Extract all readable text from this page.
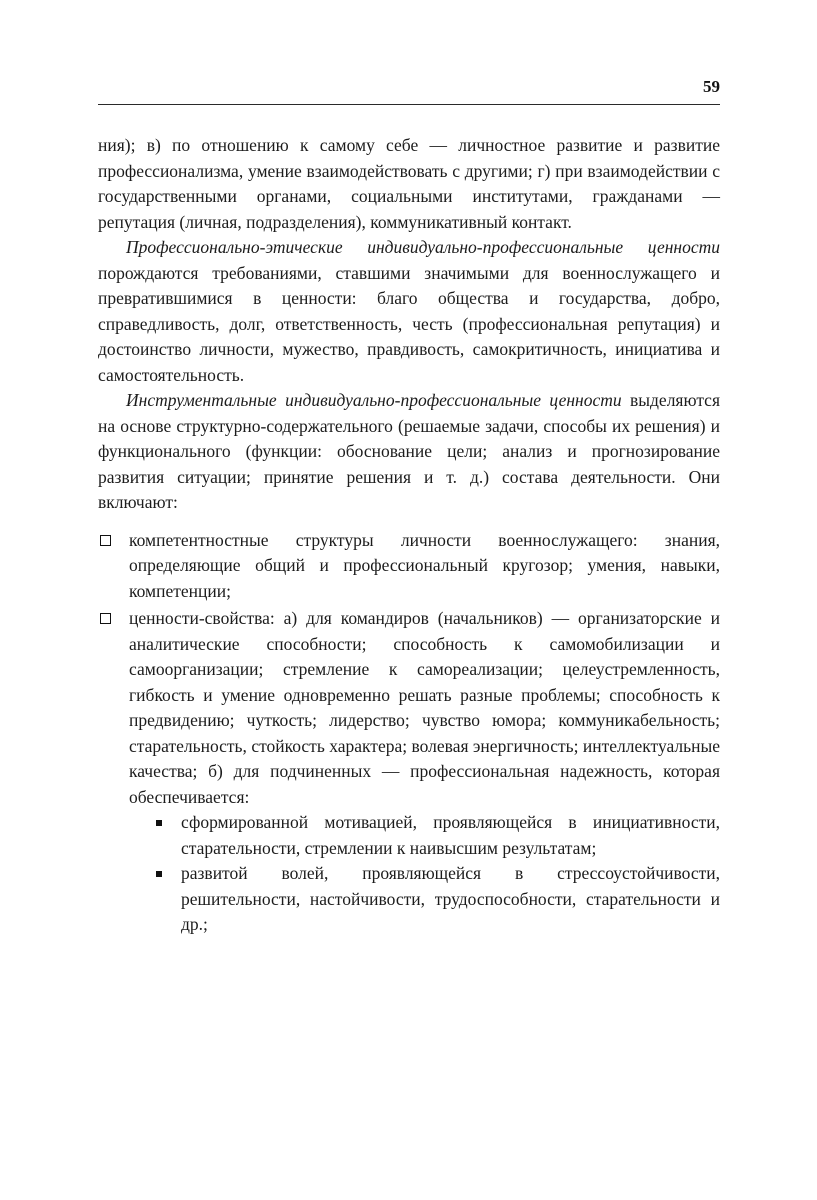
59

ния); в) по отношению к самому себе — личностное развитие и развитие профессионализма, умение взаимодействовать с другими; г) при взаимодействии с государственными органами, социальными институтами, гражданами — репутация (личная, подразделения), коммуникативный контакт.

Профессионально-этические индивидуально-профессиональные ценности порождаются требованиями, ставшими значимыми для военнослужащего и превратившимися в ценности: благо общества и государства, добро, справедливость, долг, ответственность, честь (профессиональная репутация) и достоинство личности, мужество, правдивость, самокритичность, инициатива и самостоятельность.

Инструментальные индивидуально-профессиональные ценности выделяются на основе структурно-содержательного (решаемые задачи, способы их решения) и функционального (функции: обоснование цели; анализ и прогнозирование развития ситуации; принятие решения и т. д.) состава деятельности. Они включают:

компетентностные структуры личности военнослужащего: знания, определяющие общий и профессиональный кругозор; умения, навыки, компетенции;
ценности-свойства: а) для командиров (начальников) — организаторские и аналитические способности; способность к самомобилизации и самоорганизации; стремление к самореализации; целеустремленность, гибкость и умение одновременно решать разные проблемы; способность к предвидению; чуткость; лидерство; чувство юмора; коммуникабельность; старательность, стойкость характера; волевая энергичность; интеллектуальные качества; б) для подчиненных — профессиональная надежность, которая обеспечивается:
сформированной мотивацией, проявляющейся в инициативности, старательности, стремлении к наивысшим результатам;
развитой волей, проявляющейся в стрессоустойчивости, решительности, настойчивости, трудоспособности, старательности и др.;
